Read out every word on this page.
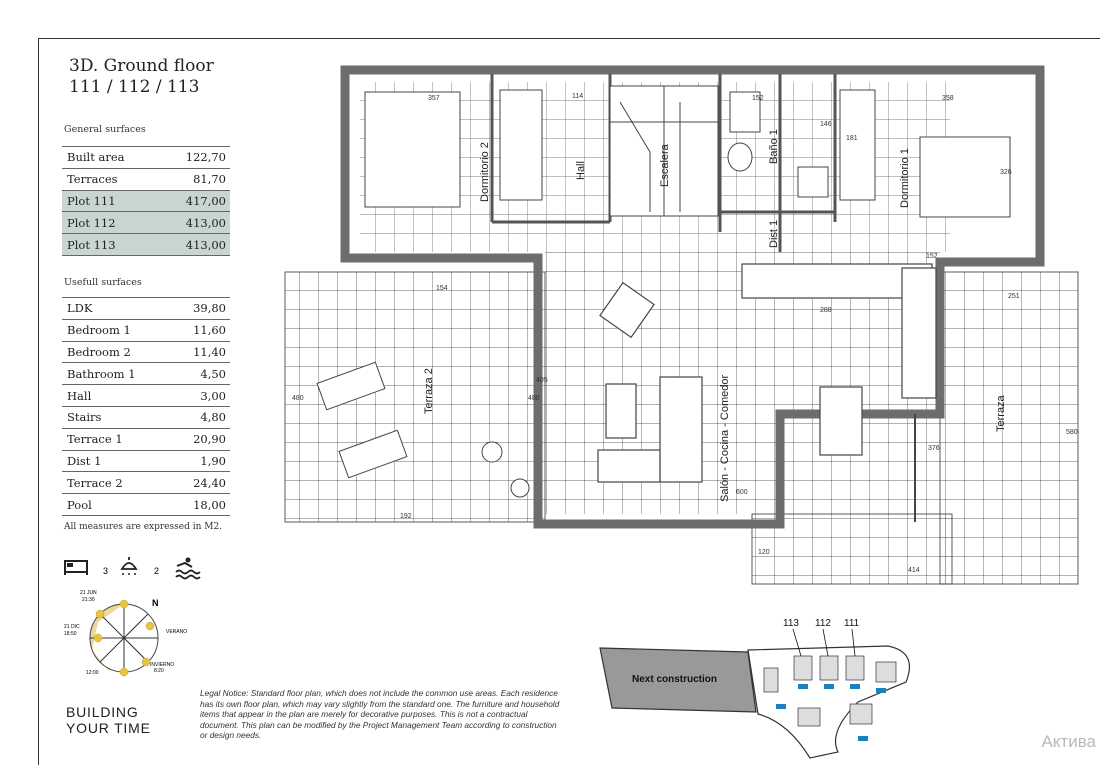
3D. Ground floor
111 / 112 / 113
General surfaces
Built area	122,70
Terraces	81,70
Plot 111	417,00
Plot 112	413,00
Plot 113	413,00
Usefull surfaces
LDK	39,80
Bedroom 1	11,60
Bedroom 2	11,40
Bathroom 1	4,50
Hall	3,00
Stairs	4,80
Terrace 1	20,90
Dist 1	1,90
Terrace 2	24,40
Pool	18,00
All measures are expressed in M2.
3	2
N
21 JUN
21:30
21 DIC
18:50	VERANO
INVIERNO
8:20
12:00
BUILDING
YOUR TIME
Legal Notice: Standard floor plan, which does not include the common use areas. Each residence has its own floor plan, which may vary slightly from the standard one. The furniture and household items that appear in the plan are merely for decorative purposes. This is not a contractual document. This plan can be modified by the Project Management Team according to construction or design needs.
Dormitorio 2	Hall	Escalera	Baño 1
Dist 1
Dormitorio 1
Terraza 2	Salón - Cocina - Comedor	Terraza
357	114	152	358
146
181
326
288
154
152
251
405
480	480
580
600
376
120
414
192
Next construction
113 112 111
Актива
